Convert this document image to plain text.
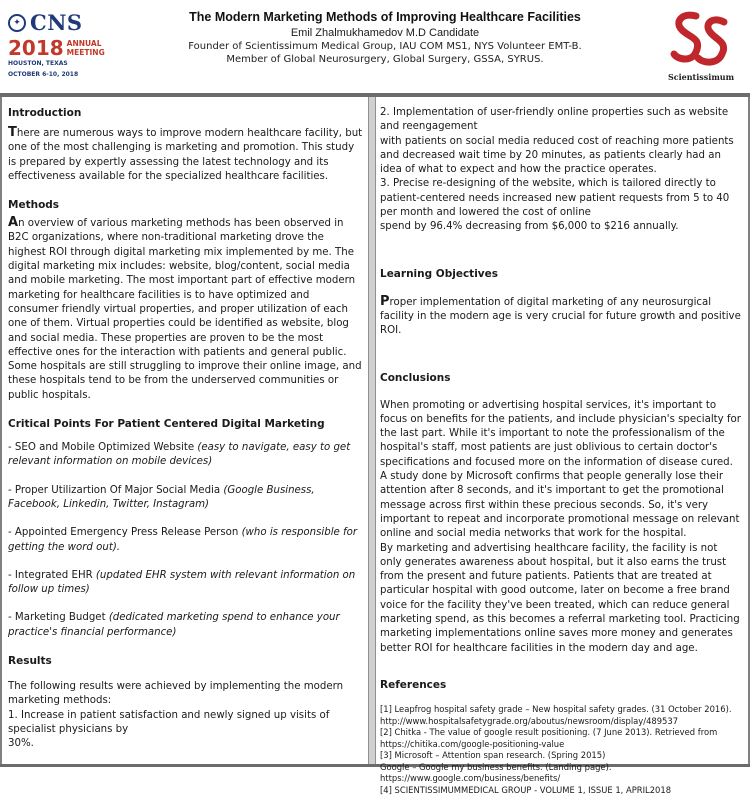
✦ CNS
2018 ANNUAL
MEETING
HOUSTON, TEXAS
OCTOBER 6-10, 2018
The Modern Marketing Methods of Improving Healthcare Facilities
Emil Zhalmukhamedov M.D Candidate
Founder of Scientissimum Medical Group, IAU COM MS1, NYS Volunteer EMT-B.
Member of Global Neurosurgery, Global Surgery, GSSA, SYRUS.
Scientissimum
Introduction

There are numerous ways to improve modern healthcare facility, but one of the most challenging is marketing and promotion. This study is prepared by expertly assessing the latest technology and its effectiveness available for the specialized healthcare facilities.

Methods

An overview of various marketing methods has been observed in B2C organizations, where non-traditional marketing drove the highest ROI through digital marketing mix implemented by me. The digital marketing mix includes: website, blog/content, social media and mobile marketing. The most important part of effective modern marketing for healthcare facilities is to have optimized and consumer friendly virtual properties, and proper utilization of each one of them. Virtual properties could be identified as website, blog and social media. These properties are proven to be the most effective ones for the interaction with patients and general public. Some hospitals are still struggling to improve their online image, and these hospitals tend to be from the underserved communities or public hospitals.

Critical Points For Patient Centered Digital Marketing

- SEO and Mobile Optimized Website (easy to navigate, easy to get relevant information on mobile devices)

- Proper Utilizartion Of Major Social Media (Google Business, Facebook, Linkedin, Twitter, Instagram)

- Appointed Emergency Press Release Person (who is responsible for getting the word out).

- Integrated EHR (updated EHR system with relevant information on follow up times)

- Marketing Budget (dedicated marketing spend to enhance your practice's financial performance)

Results

The following results were achieved by implementing the modern marketing methods:

1. Increase in patient satisfaction and newly signed up visits of specialist physicians by

30%.

2. Implementation of user-friendly online properties such as website and reengagement

with patients on social media reduced cost of reaching more patients and decreased wait time by 20 minutes, as patients clearly had an idea of what to expect and how the practice operates.

3. Precise re-designing of the website, which is tailored directly to patient-centered needs increased new patient requests from 5 to 40 per month and lowered the cost of online

spend by 96.4% decreasing from $6,000 to $216 annually.

Learning Objectives

Proper implementation of digital marketing of any neurosurgical facility in the modern age is very crucial for future growth and positive ROI.

Conclusions

When promoting or advertising hospital services, it's important to focus on benefits for the patients, and include physician's specialty for the last part. While it's important to note the professionalism of the hospital's staff, most patients are just oblivious to certain doctor's specifications and focused more on the information of disease cured. A study done by Microsoft confirms that people generally lose their attention after 8 seconds, and it's important to get the promotional message across first within these precious seconds. So, it's very important to repeat and incorporate promotional message on relevant online and social media networks that work for the hospital.

By marketing and advertising healthcare facility, the facility is not only generates awareness about hospital, but it also earns the trust from the present and future patients. Patients that are treated at particular hospital with good outcome, later on become a free brand voice for the facility they've been treated, which can reduce general marketing spend, as this becomes a referral marketing tool. Practicing marketing implementations online saves more money and generates better ROI for healthcare facilities in the modern day and age.

References

[1] Leapfrog hospital safety grade – New hospital safety grades. (31 October 2016). http://www.hospitalsafetygrade.org/aboutus/newsroom/display/489537

[2] Chitka - The value of google result positioning. (7 June 2013). Retrieved from https://chitika.com/google-positioning-value

[3] Microsoft – Attention span research. (Spring 2015)

Google – Google my business benefits. (Landing page). https://www.google.com/business/benefits/

[4] SCIENTISSIMUMMEDICAL GROUP - VOLUME 1, ISSUE 1, APRIL2018
